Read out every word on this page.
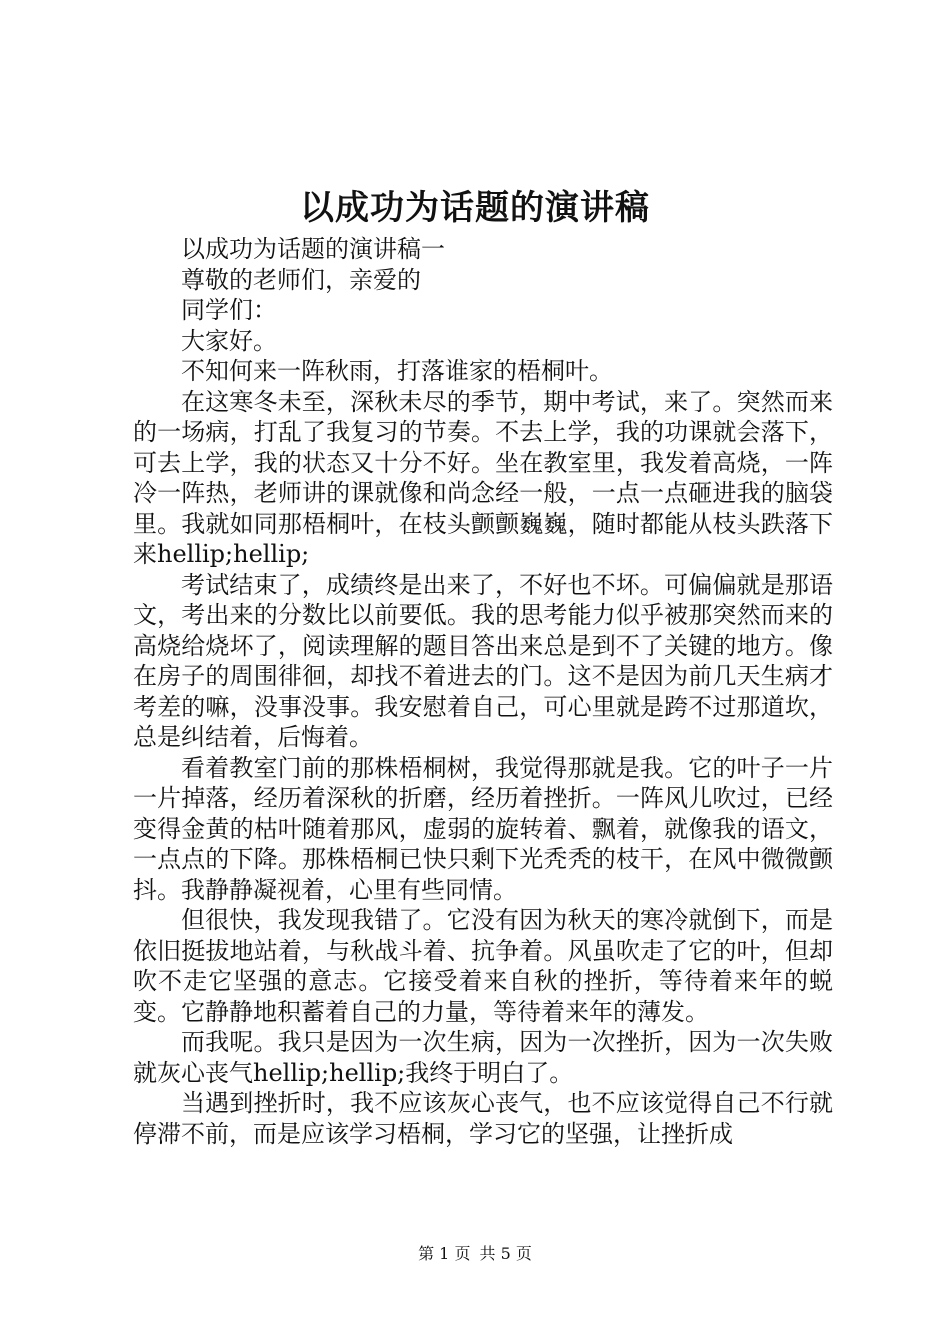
以成功为话题的演讲稿

以成功为话题的演讲稿一

尊敬的老师们，亲爱的

同学们：

大家好。

不知何来一阵秋雨，打落谁家的梧桐叶。

在这寒冬未至，深秋未尽的季节，期中考试，来了。突然而来的一场病，打乱了我复习的节奏。不去上学，我的功课就会落下，可去上学，我的状态又十分不好。坐在教室里，我发着高烧，一阵冷一阵热，老师讲的课就像和尚念经一般，一点一点砸进我的脑袋里。我就如同那梧桐叶，在枝头颤颤巍巍，随时都能从枝头跌落下来hellip;hellip;

考试结束了，成绩终是出来了，不好也不坏。可偏偏就是那语文，考出来的分数比以前要低。我的思考能力似乎被那突然而来的高烧给烧坏了，阅读理解的题目答出来总是到不了关键的地方。像在房子的周围徘徊，却找不着进去的门。这不是因为前几天生病才考差的嘛，没事没事。我安慰着自己，可心里就是跨不过那道坎，总是纠结着，后悔着。

看着教室门前的那株梧桐树，我觉得那就是我。它的叶子一片一片掉落，经历着深秋的折磨，经历着挫折。一阵风儿吹过，已经变得金黄的枯叶随着那风，虚弱的旋转着、飘着，就像我的语文，一点点的下降。那株梧桐已快只剩下光秃秃的枝干，在风中微微颤抖。我静静凝视着，心里有些同情。

但很快，我发现我错了。它没有因为秋天的寒冷就倒下，而是依旧挺拔地站着，与秋战斗着、抗争着。风虽吹走了它的叶，但却吹不走它坚强的意志。它接受着来自秋的挫折，等待着来年的蜕变。它静静地积蓄着自己的力量，等待着来年的薄发。

而我呢。我只是因为一次生病，因为一次挫折，因为一次失败就灰心丧气hellip;hellip;我终于明白了。

当遇到挫折时，我不应该灰心丧气，也不应该觉得自己不行就停滞不前，而是应该学习梧桐，学习它的坚强，让挫折成

第 1 页 共 5 页
